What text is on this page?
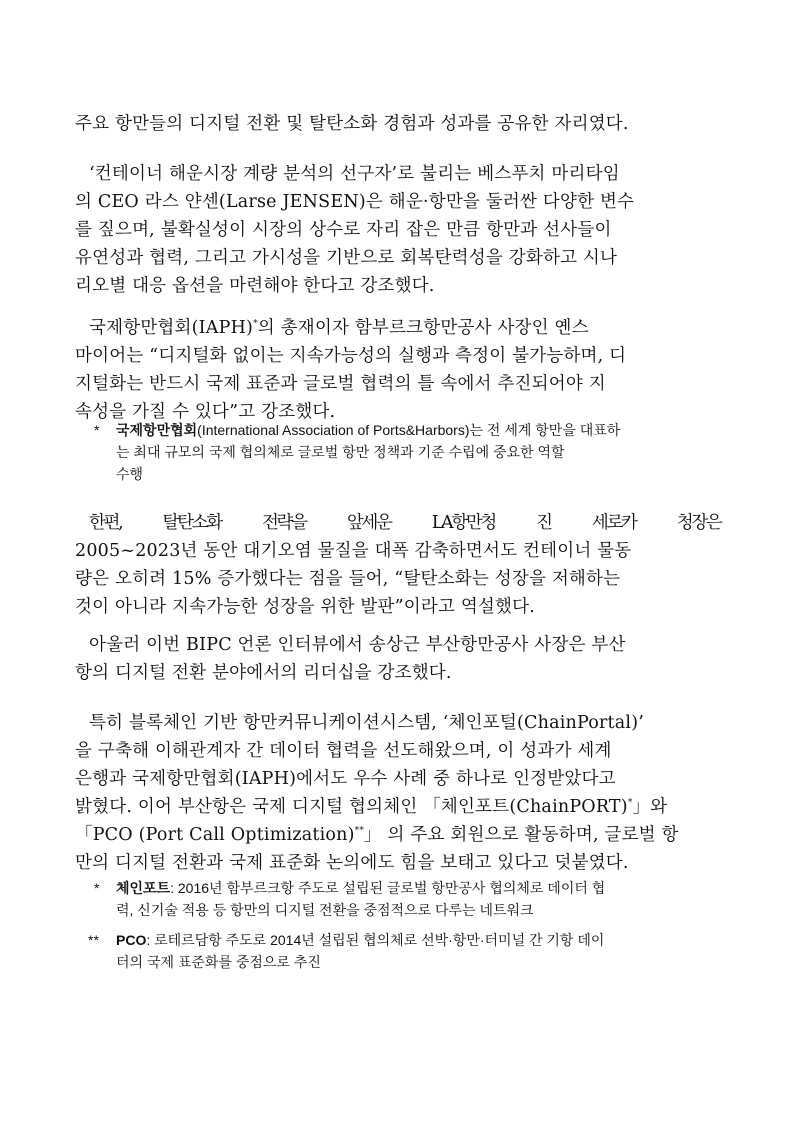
주요 항만들의 디지털 전환 및 탈탄소화 경험과 성과를 공유한 자리였다.
‘컨테이너 해운시장 계량 분석의 선구자’로 불리는 베스푸치 마리타임
의 CEO 라스 얀센(Larse JENSEN)은 해운·항만을 둘러싼 다양한 변수
를 짚으며, 불확실성이 시장의 상수로 자리 잡은 만큼 항만과 선사들이
유연성과 협력, 그리고 가시성을 기반으로 회복탄력성을 강화하고 시나
리오별 대응 옵션을 마련해야 한다고 강조했다.
국제항만협회(IAPH)*의 총재이자 함부르크항만공사 사장인 옌스
마이어는 “디지털화 없이는 지속가능성의 실행과 측정이 불가능하며, 디
지털화는 반드시 국제 표준과 글로벌 협력의 틀 속에서 추진되어야 지
속성을 가질 수 있다”고 강조했다.
* 국제항만협회(International Association of Ports&Harbors)는 전 세계 항만을 대표하
는 최대 규모의 국제 협의체로 글로벌 항만 정책과 기준 수립에 중요한 역할
수행
한편, 탈탄소화 전략을 앞세운 LA항만청 진 세로카 청장은
2005~2023년 동안 대기오염 물질을 대폭 감축하면서도 컨테이너 물동
량은 오히려 15% 증가했다는 점을 들어, “탈탄소화는 성장을 저해하는
것이 아니라 지속가능한 성장을 위한 발판”이라고 역설했다.
아울러 이번 BIPC 언론 인터뷰에서 송상근 부산항만공사 사장은 부산
항의 디지털 전환 분야에서의 리더십을 강조했다.
특히 블록체인 기반 항만커뮤니케이션시스템, ‘체인포털(ChainPortal)’
을 구축해 이해관계자 간 데이터 협력을 선도해왔으며, 이 성과가 세계
은행과 국제항만협회(IAPH)에서도 우수 사례 중 하나로 인정받았다고
밝혔다. 이어 부산항은 국제 디지털 협의체인 「체인포트(ChainPORT)*」와
「PCO (Port Call Optimization)**」 의 주요 회원으로 활동하며, 글로벌 항
만의 디지털 전환과 국제 표준화 논의에도 힘을 보태고 있다고 덧붙였다.
* 체인포트: 2016년 함부르크항 주도로 설립된 글로벌 항만공사 협의체로 데이터 협
력, 신기술 적용 등 항만의 디지털 전환을 중점적으로 다루는 네트워크
** PCO: 로테르담항 주도로 2014년 설립된 협의체로 선박·항만·터미널 간 기항 데이
터의 국제 표준화를 중점으로 추진
